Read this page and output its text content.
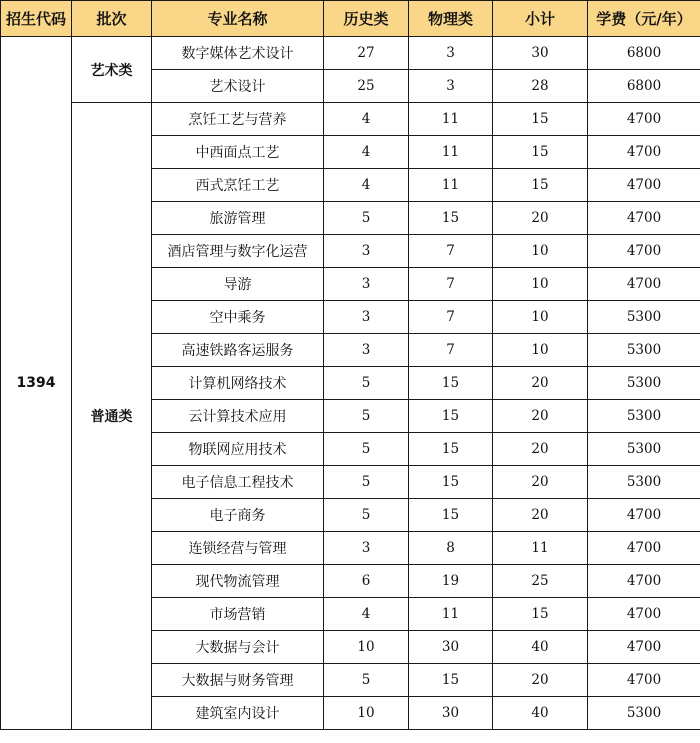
招生代码	批次	专业名称	历史类	物理类	小计	学费（元/年）
1394	艺术类	数字媒体艺术设计	27	3	30	6800
		艺术设计	25	3	28	6800
	普通类	烹饪工艺与营养	4	11	15	4700
		中西面点工艺	4	11	15	4700
		西式烹饪工艺	4	11	15	4700
		旅游管理	5	15	20	4700
		酒店管理与数字化运营	3	7	10	4700
		导游	3	7	10	4700
		空中乘务	3	7	10	5300
		高速铁路客运服务	3	7	10	5300
		计算机网络技术	5	15	20	5300
		云计算技术应用	5	15	20	5300
		物联网应用技术	5	15	20	5300
		电子信息工程技术	5	15	20	5300
		电子商务	5	15	20	4700
		连锁经营与管理	3	8	11	4700
		现代物流管理	6	19	25	4700
		市场营销	4	11	15	4700
		大数据与会计	10	30	40	4700
		大数据与财务管理	5	15	20	4700
		建筑室内设计	10	30	40	5300
